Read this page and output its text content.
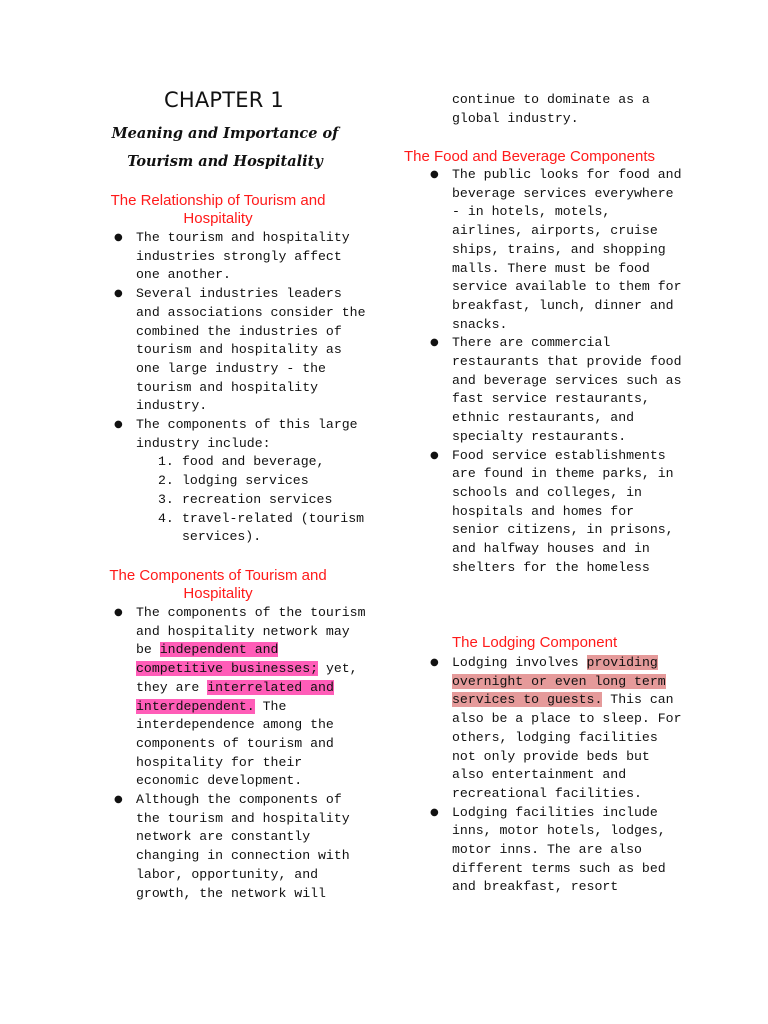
CHAPTER 1
Meaning and Importance of Tourism and Hospitality
The Relationship of Tourism and Hospitality
● The tourism and hospitality industries strongly affect one another.
● Several industries leaders and associations consider the combined the industries of tourism and hospitality as one large industry - the tourism and hospitality industry.
● The components of this large industry include:
1. food and beverage,
2. lodging services
3. recreation services
4. travel-related (tourism services).
The Components of Tourism and Hospitality
● The components of the tourism and hospitality network may be independent and competitive businesses; yet, they are interrelated and interdependent. The interdependence among the components of tourism and hospitality for their economic development.
● Although the components of the tourism and hospitality network are constantly changing in connection with labor, opportunity, and growth, the network will
continue to dominate as a global industry.
The Food and Beverage Components
● The public looks for food and beverage services everywhere - in hotels, motels, airlines, airports, cruise ships, trains, and shopping malls. There must be food service available to them for breakfast, lunch, dinner and snacks.
● There are commercial restaurants that provide food and beverage services such as fast service restaurants, ethnic restaurants, and specialty restaurants.
● Food service establishments are found in theme parks, in schools and colleges, in hospitals and homes for senior citizens, in prisons, and halfway houses and in shelters for the homeless
The Lodging Component
● Lodging involves providing overnight or even long term services to guests. This can also be a place to sleep. For others, lodging facilities not only provide beds but also entertainment and recreational facilities.
● Lodging facilities include inns, motor hotels, lodges, motor inns. The are also different terms such as bed and breakfast, resort
